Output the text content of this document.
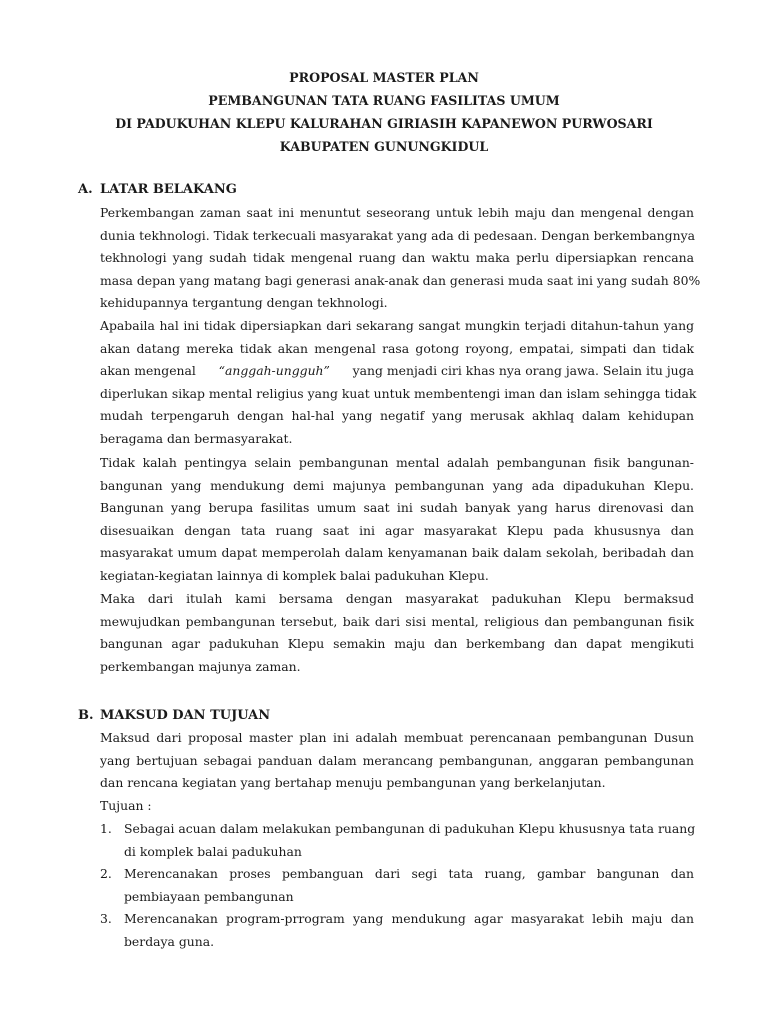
PROPOSAL MASTER PLAN
PEMBANGUNAN TATA RUANG FASILITAS UMUM
DI PADUKUHAN KLEPU KALURAHAN GIRIASIH KAPANEWON PURWOSARI
KABUPATEN GUNUNGKIDUL
A. LATAR BELAKANG
Perkembangan zaman saat ini menuntut seseorang untuk lebih maju dan mengenal dengan
dunia tekhnologi. Tidak terkecuali masyarakat yang ada di pedesaan. Dengan berkembangnya
tekhnologi yang sudah tidak mengenal ruang dan waktu maka perlu dipersiapkan rencana
masa depan yang matang bagi generasi anak-anak dan generasi muda saat ini yang sudah 80%
kehidupannya tergantung dengan tekhnologi.
Apabaila hal ini tidak dipersiapkan dari sekarang sangat mungkin terjadi ditahun-tahun yang
akan datang mereka tidak akan mengenal rasa gotong royong, empatai, simpati dan tidak
akan mengenal “anggah-ungguh” yang menjadi ciri khas nya orang jawa. Selain itu juga
diperlukan sikap mental religius yang kuat untuk membentengi iman dan islam sehingga tidak
mudah terpengaruh dengan hal-hal yang negatif yang merusak akhlaq dalam kehidupan
beragama dan bermasyarakat.
Tidak kalah pentingya selain pembangunan mental adalah pembangunan fisik bangunan-
bangunan yang mendukung demi majunya pembangunan yang ada dipadukuhan Klepu.
Bangunan yang berupa fasilitas umum saat ini sudah banyak yang harus direnovasi dan
disesuaikan dengan tata ruang saat ini agar masyarakat Klepu pada khususnya dan
masyarakat umum dapat memperolah dalam kenyamanan baik dalam sekolah, beribadah dan
kegiatan-kegiatan lainnya di komplek balai padukuhan Klepu.
Maka dari itulah kami bersama dengan masyarakat padukuhan Klepu bermaksud
mewujudkan pembangunan tersebut, baik dari sisi mental, religious dan pembangunan fisik
bangunan agar padukuhan Klepu semakin maju dan berkembang dan dapat mengikuti
perkembangan majunya zaman.
B. MAKSUD DAN TUJUAN
Maksud dari proposal master plan ini adalah membuat perencanaan pembangunan Dusun
yang bertujuan sebagai panduan dalam merancang pembangunan, anggaran pembangunan
dan rencana kegiatan yang bertahap menuju pembangunan yang berkelanjutan.
Tujuan :
1. Sebagai acuan dalam melakukan pembangunan di padukuhan Klepu khususnya tata ruang
di komplek balai padukuhan
2. Merencanakan proses pembanguan dari segi tata ruang, gambar bangunan dan
pembiayaan pembangunan
3. Merencanakan program-prrogram yang mendukung agar masyarakat lebih maju dan
berdaya guna.
